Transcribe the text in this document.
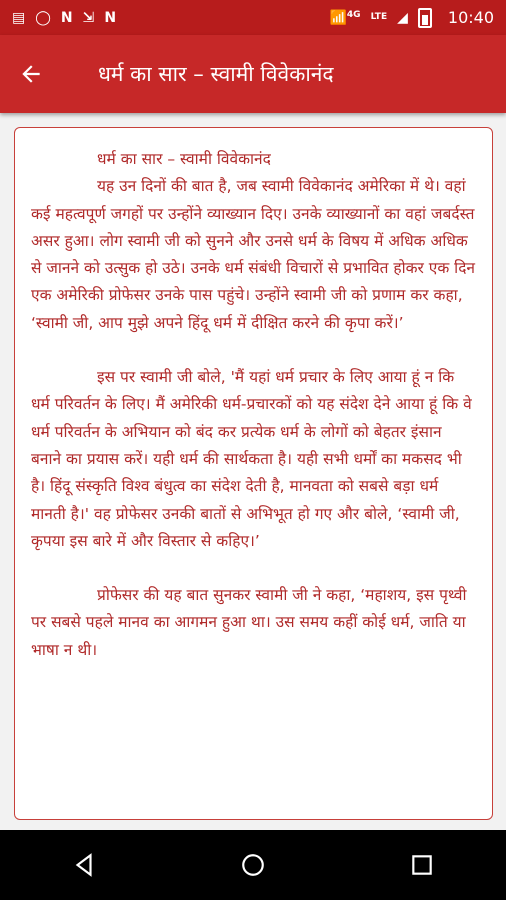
▤ ◯ N ⇲ N	📶$^{4G}$ LTE ◢	10:40
धर्म का सार – स्वामी विवेकानंद
धर्म का सार – स्वामी विवेकानंद

यह उन दिनों की बात है, जब स्वामी विवेकानंद अमेरिका में थे। वहां कई महत्वपूर्ण जगहों पर उन्होंने व्याख्यान दिए। उनके व्याख्यानों का वहां जबर्दस्त असर हुआ। लोग स्वामी जी को सुनने और उनसे धर्म के विषय में अधिक अधिक से जानने को उत्सुक हो उठे। उनके धर्म संबंधी विचारों से प्रभावित होकर एक दिन एक अमेरिकी प्रोफेसर उनके पास पहुंचे। उन्होंने स्वामी जी को प्रणाम कर कहा, ‘स्वामी जी, आप मुझे अपने हिंदू धर्म में दीक्षित करने की कृपा करें।’

इस पर स्वामी जी बोले, 'मैं यहां धर्म प्रचार के लिए आया हूं न कि धर्म परिवर्तन के लिए। मैं अमेरिकी धर्म-प्रचारकों को यह संदेश देने आया हूं कि वे धर्म परिवर्तन के अभियान को बंद कर प्रत्येक धर्म के लोगों को बेहतर इंसान बनाने का प्रयास करें। यही धर्म की सार्थकता है। यही सभी धर्मों का मकसद भी है। हिंदू संस्कृति विश्व बंधुत्व का संदेश देती है, मानवता को सबसे बड़ा धर्म मानती है।' वह प्रोफेसर उनकी बातों से अभिभूत हो गए और बोले, ‘स्वामी जी, कृपया इस बारे में और विस्तार से कहिए।’

प्रोफेसर की यह बात सुनकर स्वामी जी ने कहा, ‘महाशय, इस पृथ्वी पर सबसे पहले मानव का आगमन हुआ था। उस समय कहीं कोई धर्म, जाति या भाषा न थी।
